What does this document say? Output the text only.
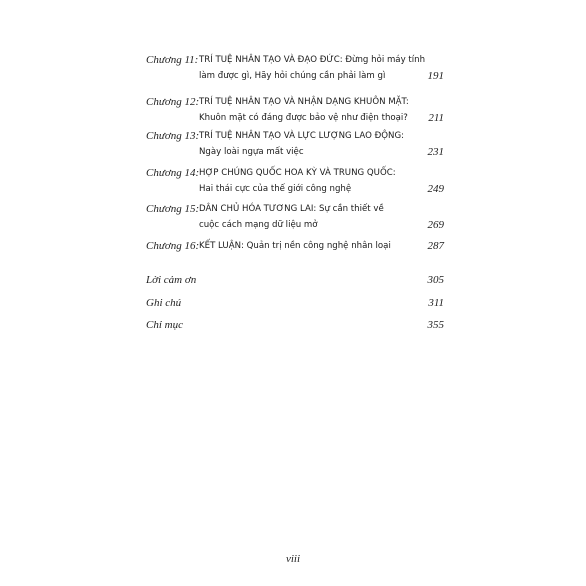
Chương 11: TRÍ TUỆ NHÂN TẠO VÀ ĐẠO ĐỨC: Đừng hỏi máy tính
làm được gì, Hãy hỏi chúng cần phải làm gì	191
Chương 12: TRÍ TUỆ NHÂN TẠO VÀ NHẬN DẠNG KHUÔN MẶT:
Khuôn mặt có đáng được bảo vệ như điện thoại?	211
Chương 13: TRÍ TUỆ NHÂN TẠO VÀ LỰC LƯỢNG LAO ĐỘNG:
Ngày loài ngựa mất việc	231
Chương 14: HỢP CHÚNG QUỐC HOA KỲ VÀ TRUNG QUỐC:
Hai thái cực của thế giới công nghệ	249
Chương 15: DÂN CHỦ HÓA TƯƠNG LAI: Sự cần thiết về
cuộc cách mạng dữ liệu mở	269
Chương 16: KẾT LUẬN: Quản trị nền công nghệ nhân loại	287
Lời cảm ơn	305
Ghi chú	311
Chỉ mục	355
viii
